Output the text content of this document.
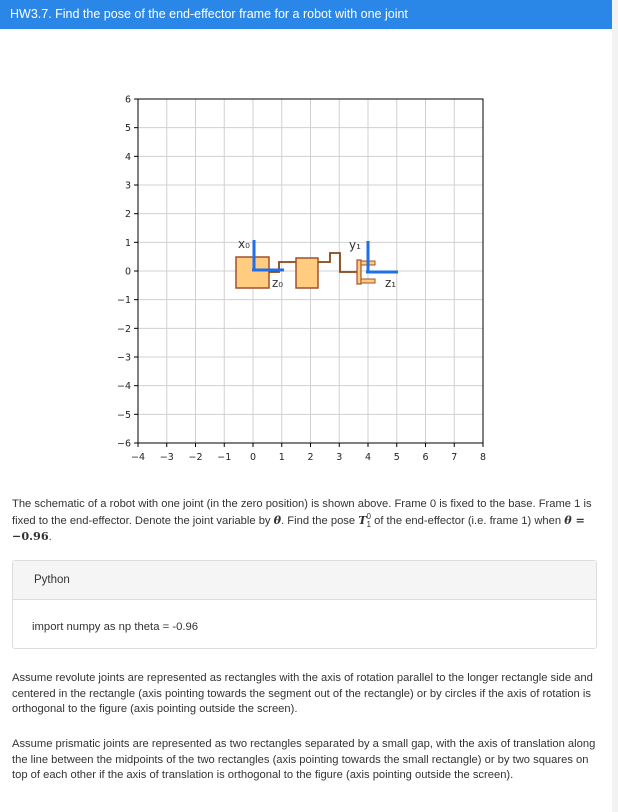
HW3.7. Find the pose of the end-effector frame for a robot with one joint
−4 −3 −2 −1 0 1 2 3 4 5 6 7 8
6
5
4
3
2
1
0
−1
−2
−3
−4
−5
−6
x₀
z₀
y₁
z₁

The schematic of a robot with one joint (in the zero position) is shown above. Frame 0 is fixed to the base. Frame 1 is fixed to the end-effector. Denote the joint variable by θ. Find the pose T 0
1 of the end-effector (i.e. frame 1) when θ = −0.96.

Python
import numpy as np theta = -0.96

Assume revolute joints are represented as rectangles with the axis of rotation parallel to the longer rectangle side and centered in the rectangle (axis pointing towards the segment out of the rectangle) or by circles if the axis of rotation is orthogonal to the figure (axis pointing outside the screen).

Assume prismatic joints are represented as two rectangles separated by a small gap, with the axis of translation along the line between the midpoints of the two rectangles (axis pointing towards the small rectangle) or by two squares on top of each other if the axis of translation is orthogonal to the figure (axis pointing outside the screen).
